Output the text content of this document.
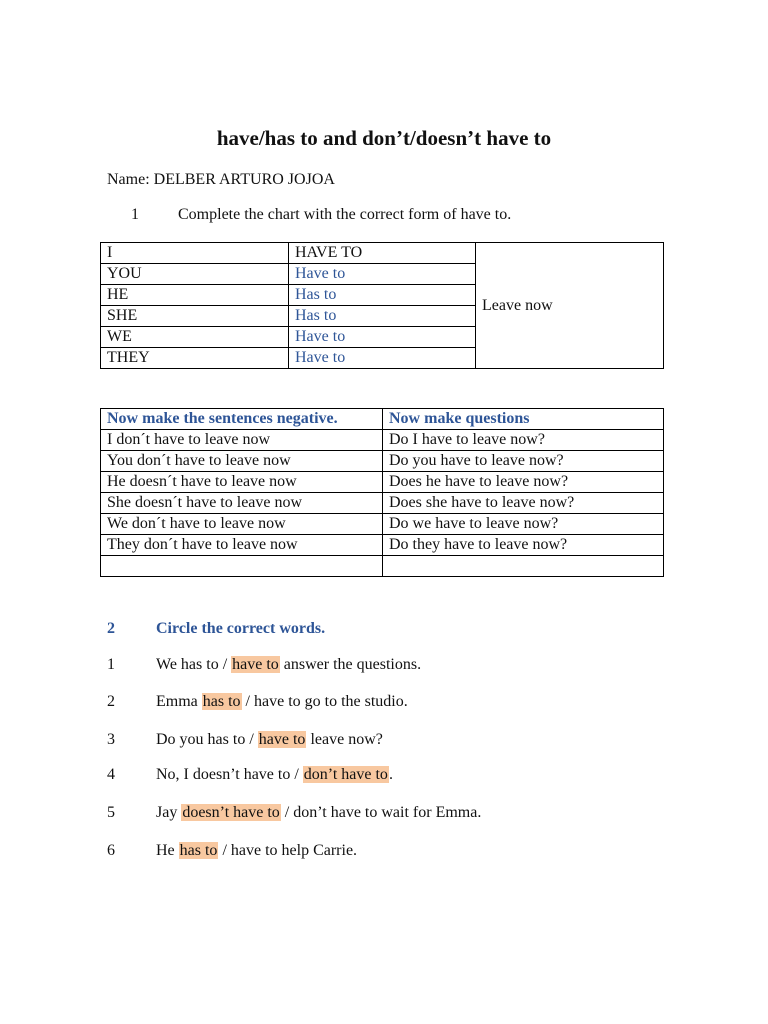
have/has to and don’t/doesn’t have to
Name: DELBER ARTURO JOJOA
1 Complete the chart with the correct form of have to.
I	HAVE TO	Leave now
YOU	Have to	
HE	Has to	
SHE	Has to	
WE	Have to	
THEY	Have to	
Now make the sentences negative.	Now make questions
I don´t have to leave now	Do I have to leave now?
You don´t have to leave now	Do you have to leave now?
He doesn´t have to leave now	Does he have to leave now?
She doesn´t have to leave now	Does she have to leave now?
We don´t have to leave now	Do we have to leave now?
They don´t have to leave now	Do they have to leave now?

2	Circle the correct words.
1	We has to / have to answer the questions.
2	Emma has to / have to go to the studio.
3	Do you has to / have to leave now?
4	No, I doesn’t have to / don’t have to.
5	Jay doesn’t have to / don’t have to wait for Emma.
6	He has to / have to help Carrie.
